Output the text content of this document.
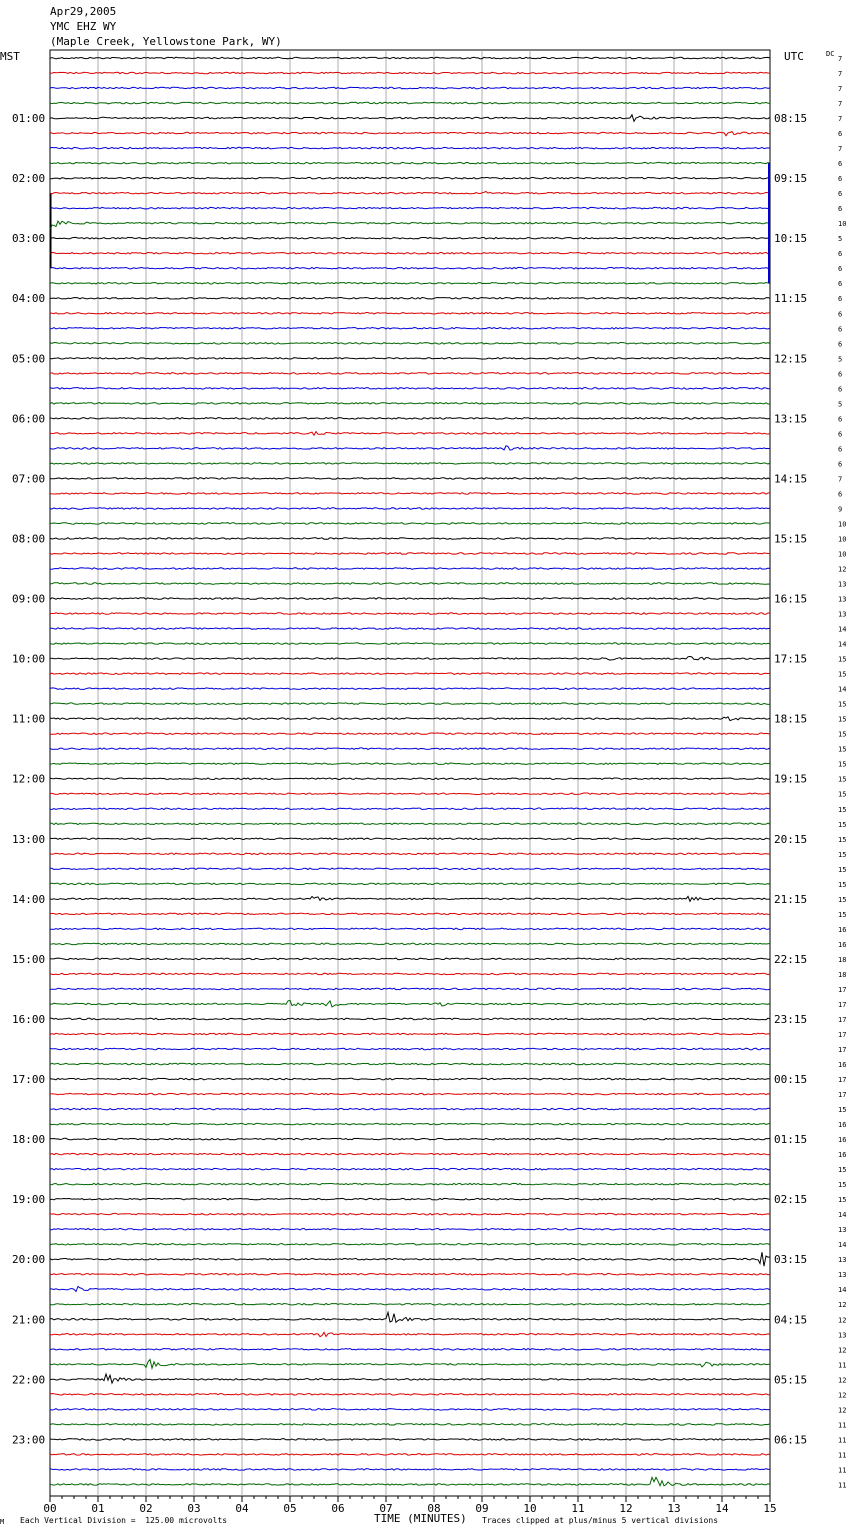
Apr29,2005
YMC EHZ WY
(Maple Creek, Yellowstone Park, WY)
MST	UTC	DC
7
7
7
7
7
6
7
6
6
6
6
10
5
6
6
6
6
6
6
6
5
6
6
5
6
6
6
6
7
6
9
10
10
10
12
13
13
13
14
14
15
15
14
15
15
15
15
15
15
15
15
15
15
15
15
15
15
15
16
16
18
18
17
17
17
17
17
16
17
17
15
16
16
16
15
15
15
14
13
14
13
13
14
12
12
13
12
11
12
12
12
11
11
11
11
11
01:00
02:00
03:00
04:00
05:00
06:00
07:00
08:00
09:00
10:00
11:00
12:00
13:00
14:00
15:00
16:00
17:00
18:00
19:00
20:00
21:00
22:00
23:00
08:15
09:15
10:15
11:15
12:15
13:15
14:15
15:15
16:15
17:15
18:15
19:15
20:15
21:15
22:15
23:15
00:15
01:15
02:15
03:15
04:15
05:15
06:15
00	01	02	03	04	05	06	07	08	09	10	11	12	13	14	15
M Each Vertical Division =  125.00 microvolts	TIME (MINUTES) Traces clipped at plus/minus 5 vertical divisions
